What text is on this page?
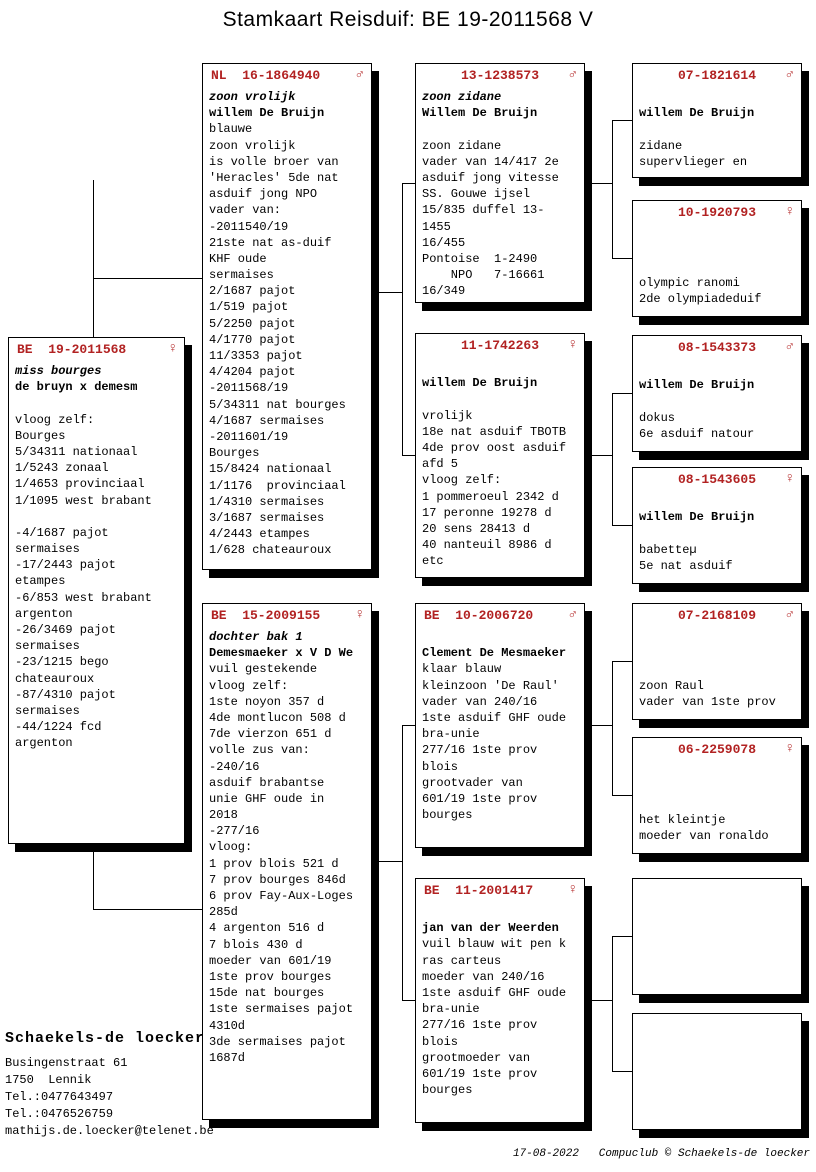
Stamkaart Reisduif: BE 19-2011568 V
BE  19-2011568	♀
miss bourges
de bruyn x demesm

vloog zelf:
Bourges
5/34311 nationaal
1/5243 zonaal
1/4653 provinciaal
1/1095 west brabant

-4/1687 pajot
sermaises
-17/2443 pajot
etampes
-6/853 west brabant
argenton
-26/3469 pajot
sermaises
-23/1215 bego
chateauroux
-87/4310 pajot
sermaises
-44/1224 fcd
argenton
NL  16-1864940	♂
zoon vrolijk
willem De Bruijn
blauwe
zoon vrolijk
is volle broer van
'Heracles' 5de nat
asduif jong NPO
vader van:
-2011540/19
21ste nat as-duif
KHF oude
sermaises
2/1687 pajot
1/519 pajot
5/2250 pajot
4/1770 pajot
11/3353 pajot
4/4204 pajot
-2011568/19
5/34311 nat bourges
4/1687 sermaises
-2011601/19
Bourges
15/8424 nationaal
1/1176  provinciaal
1/4310 sermaises
3/1687 sermaises
4/2443 etampes
1/628 chateauroux
BE  15-2009155	♀
dochter bak 1
Demesmaeker x V D We
vuil gestekende
vloog zelf:
1ste noyon 357 d
4de montlucon 508 d
7de vierzon 651 d
volle zus van:
-240/16
asduif brabantse
unie GHF oude in
2018
-277/16
vloog:
1 prov blois 521 d
7 prov bourges 846d
6 prov Fay-Aux-Loges
285d
4 argenton 516 d
7 blois 430 d
moeder van 601/19
1ste prov bourges
15de nat bourges
1ste sermaises pajot
4310d
3de sermaises pajot
1687d
13-1238573 ♂
zoon zidane
Willem De Bruijn

zoon zidane
vader van 14/417 2e
asduif jong vitesse
SS. Gouwe ijsel
15/835 duffel 13-
1455
16/455
Pontoise  1-2490
NPO   7-16661
16/349
11-1742263 ♀

willem De Bruijn

vrolijk
18e nat asduif TBOTB
4de prov oost asduif
afd 5
vloog zelf:
1 pommeroeul 2342 d
17 peronne 19278 d
20 sens 28413 d
40 nanteuil 8986 d
etc
BE  10-2006720	♂

Clement De Mesmaeker
klaar blauw
kleinzoon 'De Raul'
vader van 240/16
1ste asduif GHF oude
bra-unie
277/16 1ste prov
blois
grootvader van
601/19 1ste prov
bourges
BE  11-2001417	♀

jan van der Weerden
vuil blauw wit pen k
ras carteus
moeder van 240/16
1ste asduif GHF oude
bra-unie
277/16 1ste prov
blois
grootmoeder van
601/19 1ste prov
bourges
07-1821614 ♂

willem De Bruijn

zidane
supervlieger en
10-1920793 ♀

olympic ranomi
2de olympiadeduif
08-1543373 ♂

willem De Bruijn

dokus
6e asduif natour
08-1543605 ♀

willem De Bruijn

babetteµ
5e nat asduif
07-2168109 ♂

zoon Raul
vader van 1ste prov
06-2259078 ♀

het kleintje
moeder van ronaldo
Schaekels-de loecker
Busingenstraat 61
1750  Lennik
Tel.:0477643497
Tel.:0476526759
mathijs.de.loecker@telenet.be

17-08-2022 Compuclub © Schaekels-de loecker
